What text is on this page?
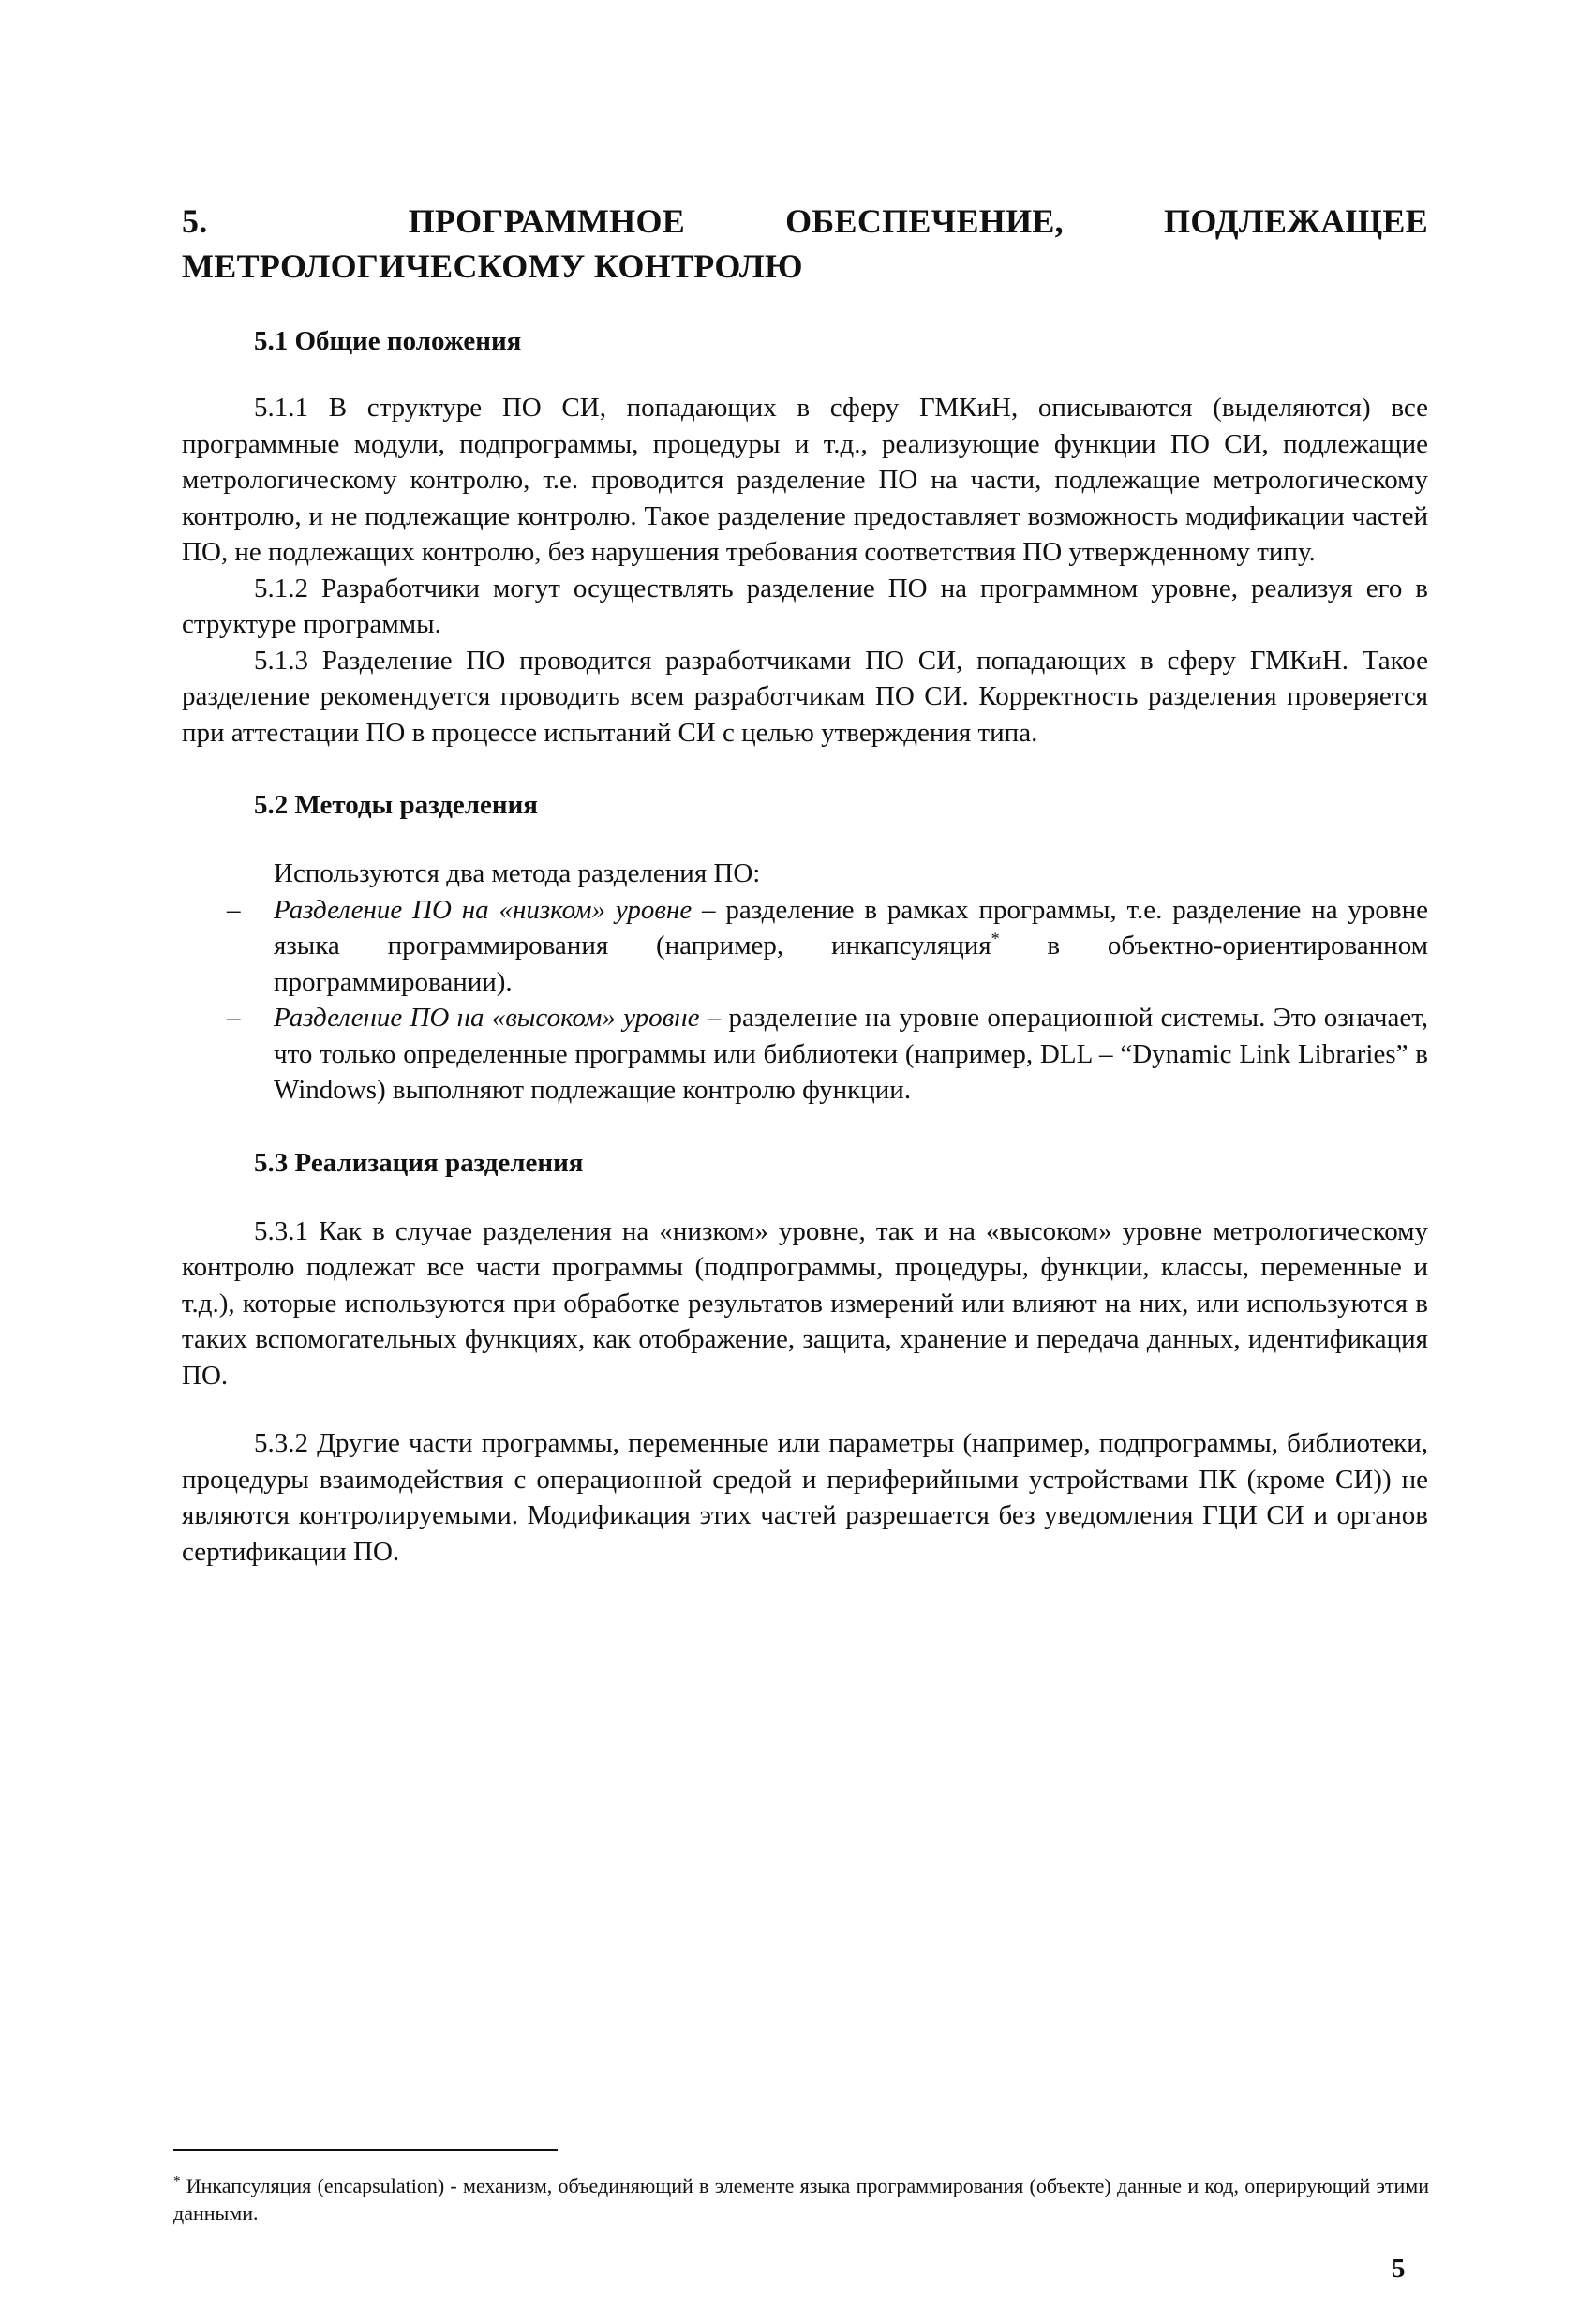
5.	ПРОГРАММНОЕ ОБЕСПЕЧЕНИЕ, ПОДЛЕЖАЩЕЕ МЕТРОЛОГИЧЕСКОМУ КОНТРОЛЮ
5.1 Общие положения

5.1.1 В структуре ПО СИ, попадающих в сферу ГМКиН, описываются (выделяются) все программные модули, подпрограммы, процедуры и т.д., реализующие функции ПО СИ, подлежащие метрологическому контролю, т.е. проводится разделение ПО на части, подлежащие метрологическому контролю, и не подлежащие контролю. Такое разделение предоставляет возможность модификации частей ПО, не подлежащих контролю, без нарушения требования соответствия ПО утвержденному типу.

5.1.2 Разработчики могут осуществлять разделение ПО на программном уровне, реализуя его в структуре программы.

5.1.3 Разделение ПО проводится разработчиками ПО СИ, попадающих в сферу ГМКиН. Такое разделение рекомендуется проводить всем разработчикам ПО СИ. Корректность разделения проверяется при аттестации ПО в процессе испытаний СИ с целью утверждения типа.

5.2 Методы разделения

Используются два метода разделения ПО:

– Разделение ПО на «низком» уровне – разделение в рамках программы, т.е. разделение на уровне языка программирования (например, инкапсуляция* в объектно-ориентированном программировании).
– Разделение ПО на «высоком» уровне – разделение на уровне операционной системы. Это означает, что только определенные программы или библиотеки (например, DLL – “Dynamic Link Libraries” в Windows) выполняют подлежащие контролю функции.
5.3 Реализация разделения

5.3.1 Как в случае разделения на «низком» уровне, так и на «высоком» уровне метрологическому контролю подлежат все части программы (подпрограммы, процедуры, функции, классы, переменные и т.д.), которые используются при обработке результатов измерений или влияют на них, или используются в таких вспомогательных функциях, как отображение, защита, хранение и передача данных, идентификация ПО.

5.3.2 Другие части программы, переменные или параметры (например, подпрограммы, библиотеки, процедуры взаимодействия с операционной средой и периферийными устройствами ПК (кроме СИ)) не являются контролируемыми. Модификация этих частей разрешается без уведомления ГЦИ СИ и органов сертификации ПО.

* Инкапсуляция (encapsulation) - механизм, объединяющий в элементе языка программирования (объекте) данные и код, оперирующий этими данными.
5
